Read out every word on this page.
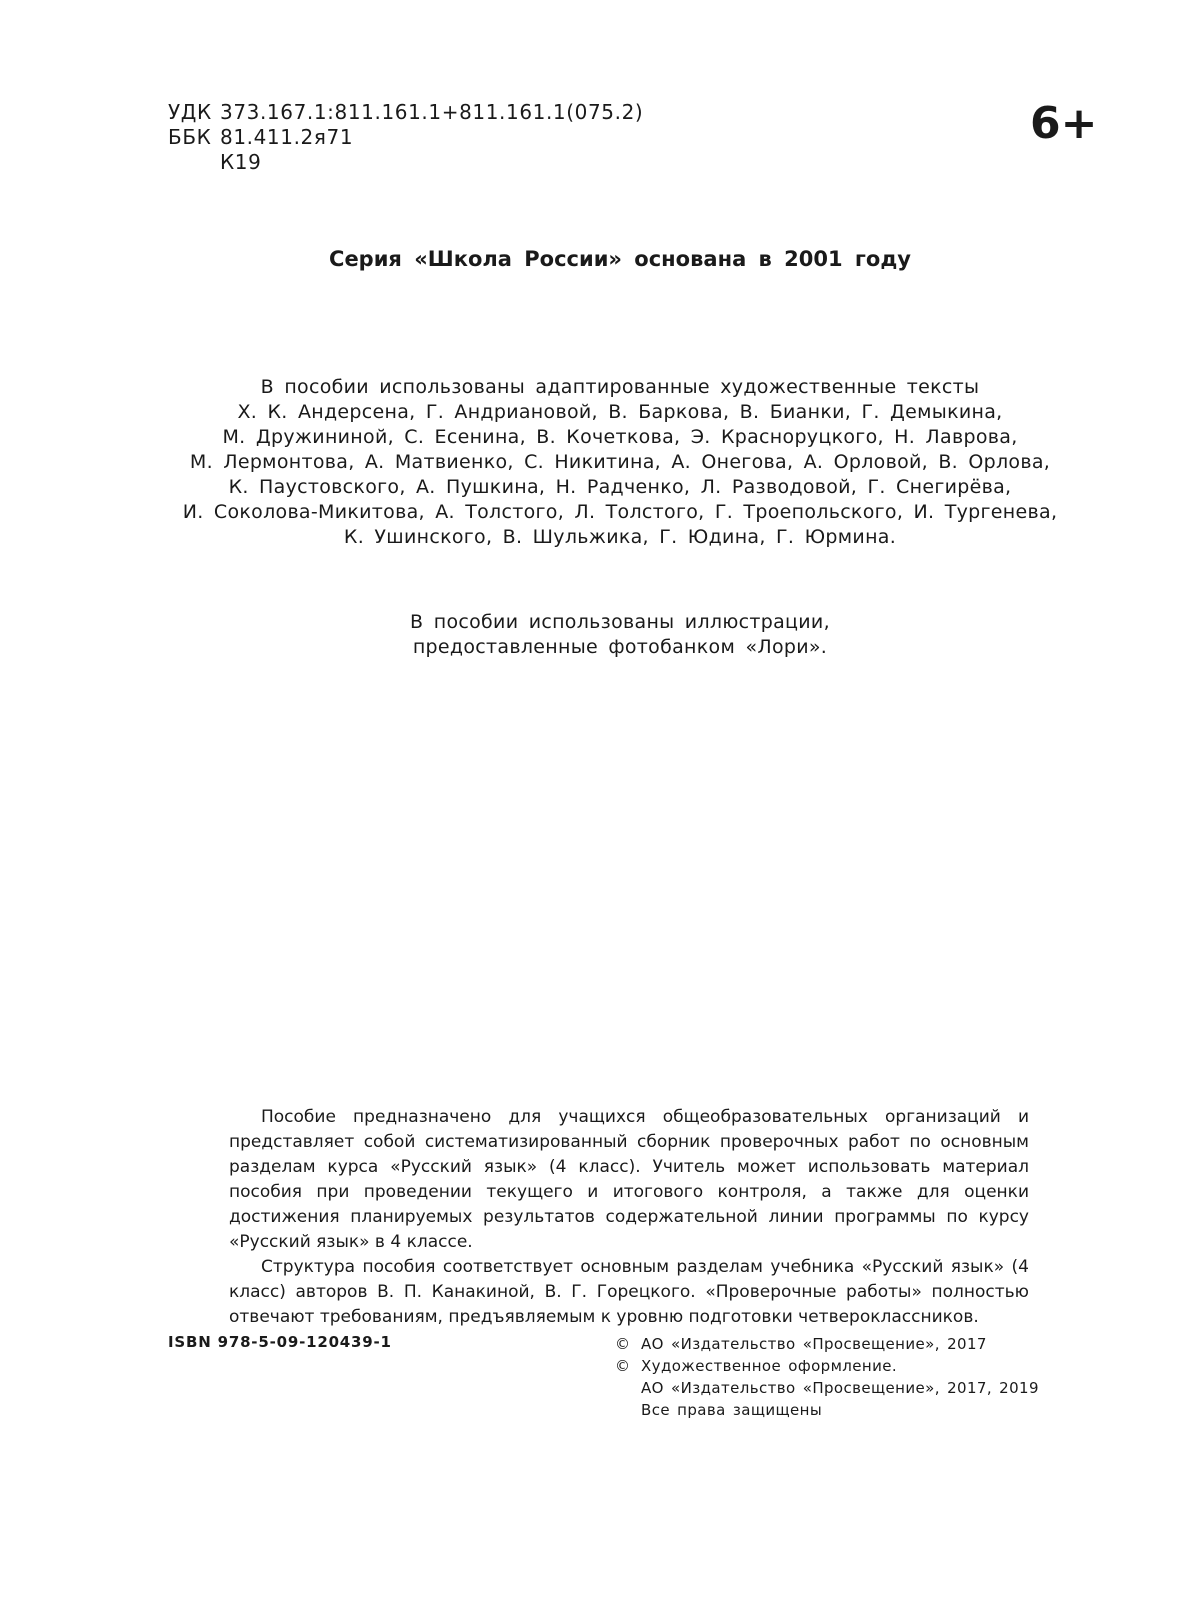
УДК 373.167.1:811.161.1+811.161.1(075.2)
ББК 81.411.2я71
К19
6+
Серия «Школа России» основана в 2001 году
В пособии использованы адаптированные художественные тексты
Х. К. Андерсена, Г. Андриановой, В. Баркова, В. Бианки, Г. Демыкина,
М. Дружининой, С. Есенина, В. Кочеткова, Э. Красноруцкого, Н. Лаврова,
М. Лермонтова, А. Матвиенко, С. Никитина, А. Онегова, А. Орловой, В. Орлова,
К. Паустовского, А. Пушкина, Н. Радченко, Л. Разводовой, Г. Снегирёва,
И. Соколова-Микитова, А. Толстого, Л. Толстого, Г. Троепольского, И. Тургенева,
К. Ушинского, В. Шульжика, Г. Юдина, Г. Юрмина.
В пособии использованы иллюстрации,
предоставленные фотобанком «Лори».

Пособие предназначено для учащихся общеобразовательных организаций и представляет собой систематизированный сборник проверочных работ по основным разделам курса «Русский язык» (4 класс). Учитель может использовать материал пособия при проведении текущего и итогового контроля, а также для оценки достижения планируемых результатов содержательной линии программы по курсу «Русский язык» в 4 классе.

Структура пособия соответствует основным разделам учебника «Русский язык» (4 класс) авторов В. П. Канакиной, В. Г. Горецкого. «Проверочные работы» полностью отвечают требованиям, предъявляемым к уровню подготовки четвероклассников.

ISBN 978-5-09-120439-1	© АО «Издательство «Просвещение», 2017
© Художественное оформление.
АО «Издательство «Просвещение», 2017, 2019
Все права защищены
